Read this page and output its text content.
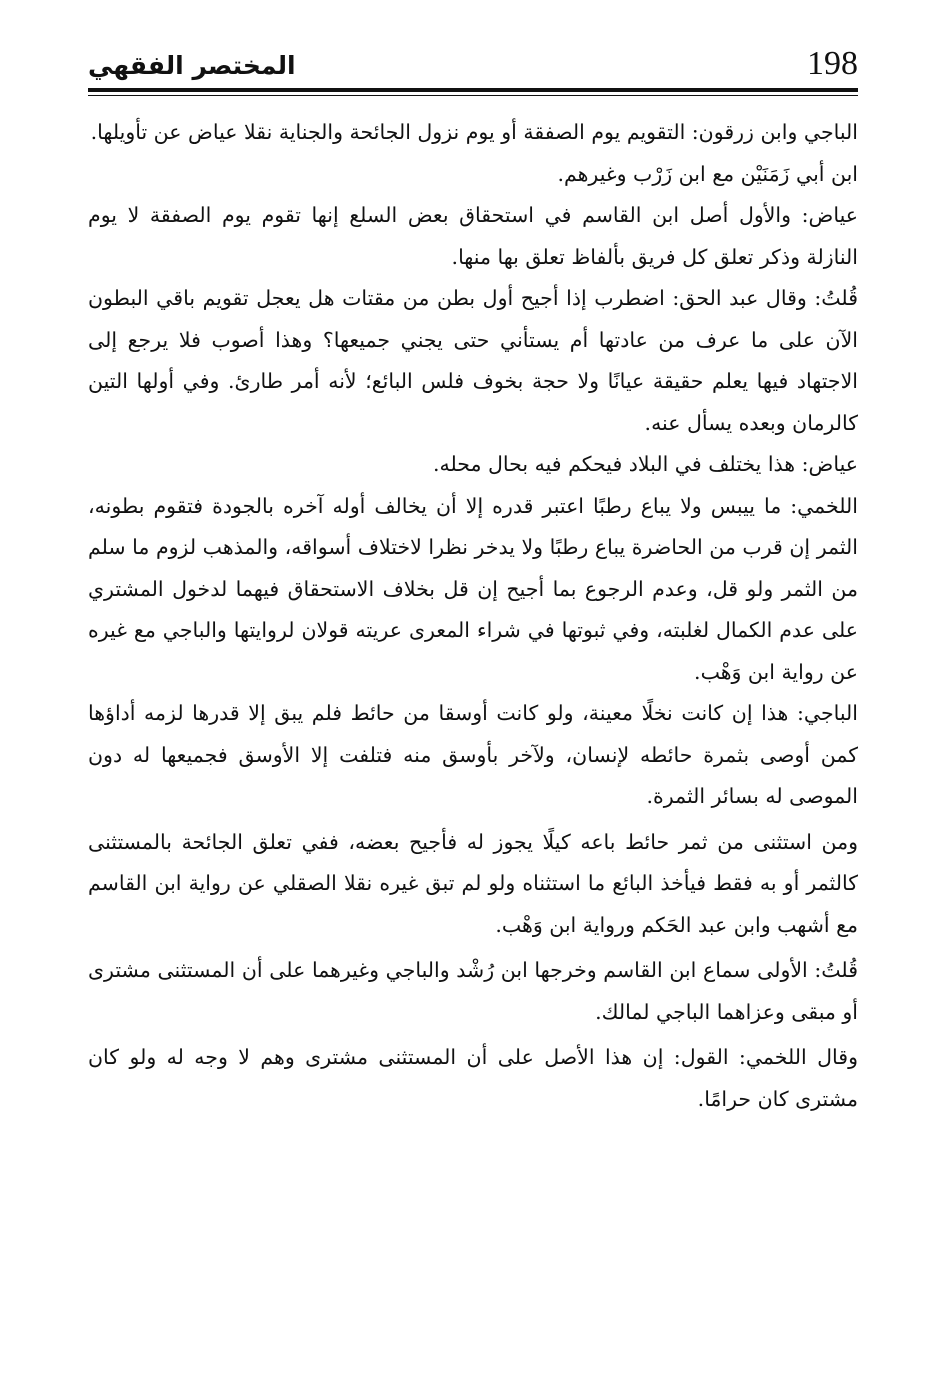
198
المختصر الفقهي

الباجي وابن زرقون: التقويم يوم الصفقة أو يوم نزول الجائحة والجناية نقلا عياض عن تأويلها.

ابن أبي زَمَنَيْن مع ابن زَرْب وغيرهم.

عياض: والأول أصل ابن القاسم في استحقاق بعض السلع إنها تقوم يوم الصفقة لا يوم النازلة وذكر تعلق كل فريق بألفاظ تعلق بها منها.

قُلتُ: وقال عبد الحق: اضطرب إذا أجيح أول بطن من مقتات هل يعجل تقويم باقي البطون الآن على ما عرف من عادتها أم يستأني حتى يجني جميعها؟ وهذا أصوب فلا يرجع إلى الاجتهاد فيها يعلم حقيقة عيانًا ولا حجة بخوف فلس البائع؛ لأنه أمر طارئ. وفي أولها التين كالرمان وبعده يسأل عنه.

عياض: هذا يختلف في البلاد فيحكم فيه بحال محله.

اللخمي: ما ييبس ولا يباع رطبًا اعتبر قدره إلا أن يخالف أوله آخره بالجودة فتقوم بطونه، الثمر إن قرب من الحاضرة يباع رطبًا ولا يدخر نظرا لاختلاف أسواقه، والمذهب لزوم ما سلم من الثمر ولو قل، وعدم الرجوع بما أجيح إن قل بخلاف الاستحقاق فيهما لدخول المشتري على عدم الكمال لغلبته، وفي ثبوتها في شراء المعرى عريته قولان لروايتها والباجي مع غيره عن رواية ابن وَهْب.

الباجي: هذا إن كانت نخلًا معينة، ولو كانت أوسقا من حائط فلم يبق إلا قدرها لزمه أداؤها كمن أوصى بثمرة حائطه لإنسان، ولآخر بأوسق منه فتلفت إلا الأوسق فجميعها له دون الموصى له بسائر الثمرة.

ومن استثنى من ثمر حائط باعه كيلًا يجوز له فأجيح بعضه، ففي تعلق الجائحة بالمستثنى كالثمر أو به فقط فيأخذ البائع ما استثناه ولو لم تبق غيره نقلا الصقلي عن رواية ابن القاسم مع أشهب وابن عبد الحَكم ورواية ابن وَهْب.

قُلتُ: الأولى سماع ابن القاسم وخرجها ابن رُشْد والباجي وغيرهما على أن المستثنى مشترى أو مبقى وعزاهما الباجي لمالك.

وقال اللخمي: القول: إن هذا الأصل على أن المستثنى مشترى وهم لا وجه له ولو كان مشترى كان حرامًا.
